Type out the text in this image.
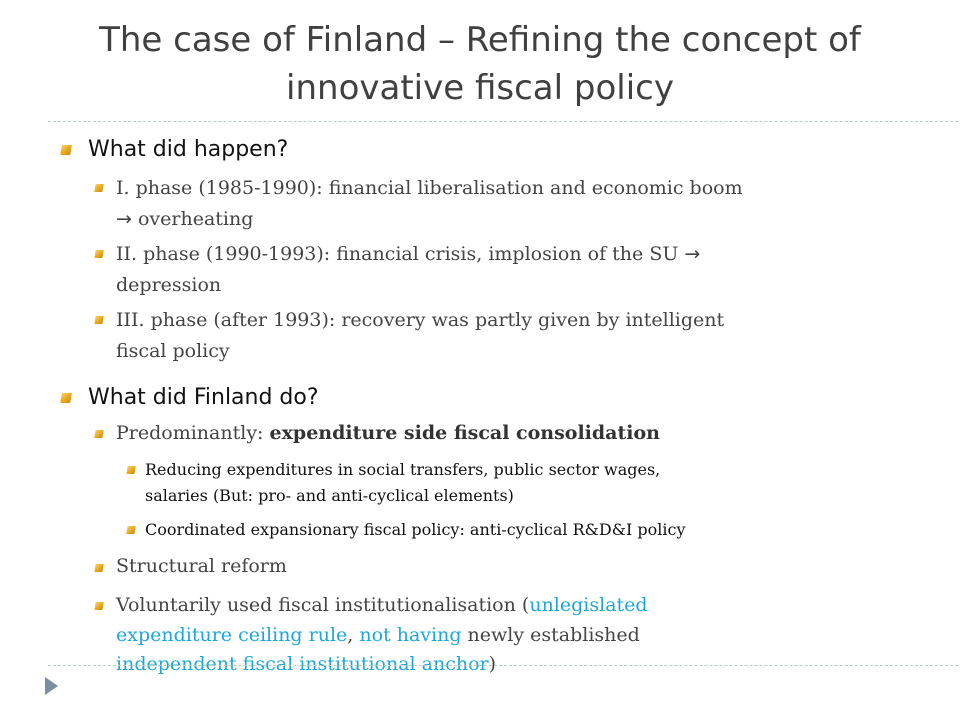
The case of Finland – Refining the concept of
innovative fiscal policy
What did happen?
I. phase (1985-1990): financial liberalisation and economic boom
→ overheating
II. phase (1990-1993): financial crisis, implosion of the SU →
depression
III. phase (after 1993): recovery was partly given by intelligent
fiscal policy
What did Finland do?
Predominantly: expenditure side fiscal consolidation
Reducing expenditures in social transfers, public sector wages,
salaries (But: pro- and anti-cyclical elements)
Coordinated expansionary fiscal policy: anti-cyclical R&D&I policy
Structural reform
Voluntarily used fiscal institutionalisation (unlegislated
expenditure ceiling rule, not having newly established
independent fiscal institutional anchor)
